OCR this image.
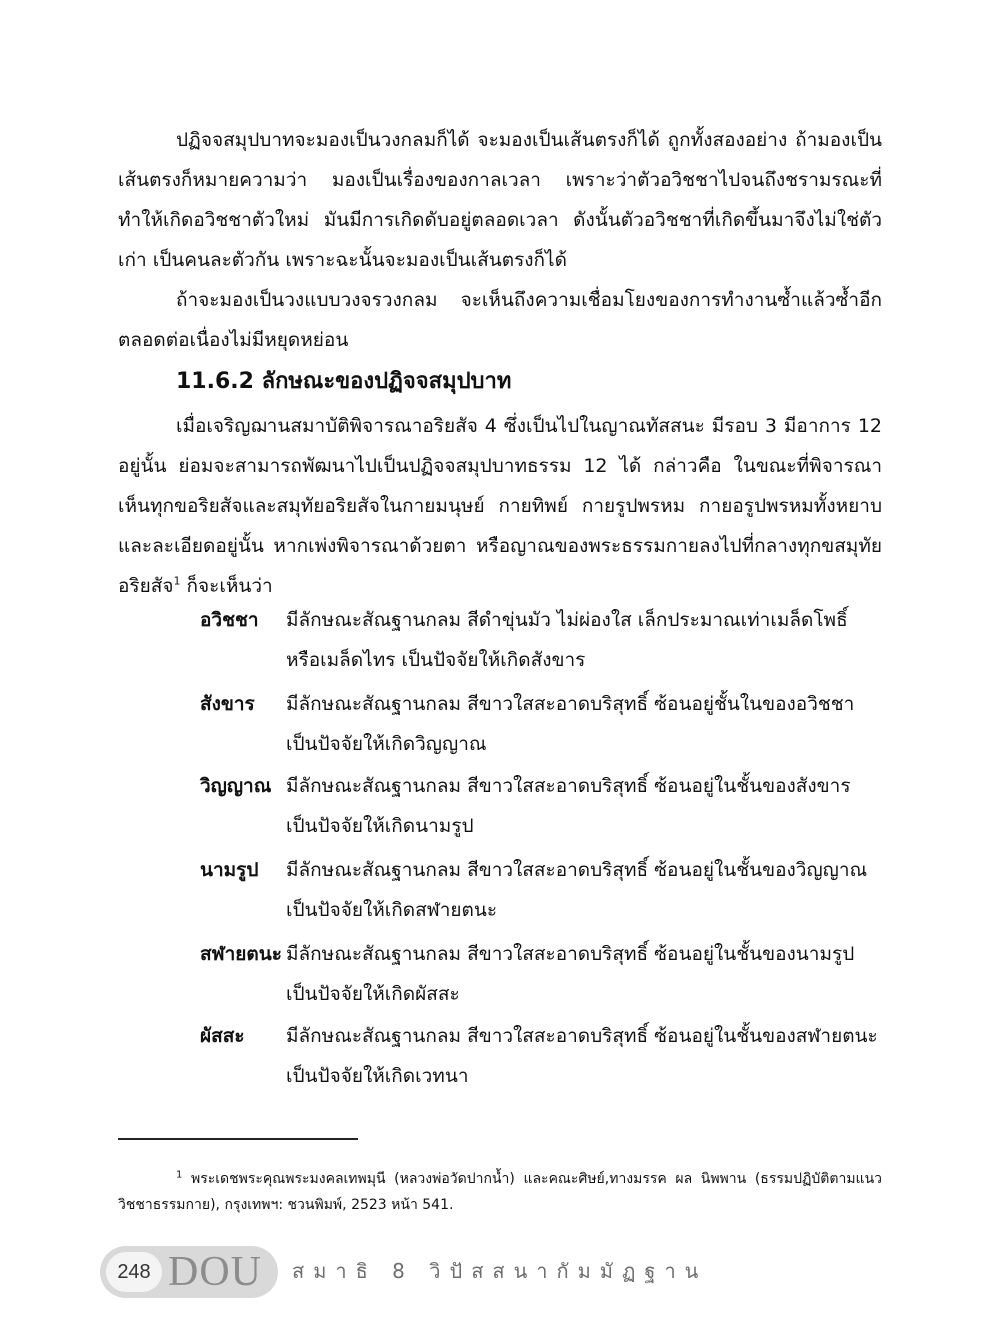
ปฏิจจสมุปบาทจะมองเป็นวงกลมก็ได้ จะมองเป็นเส้นตรงก็ได้ ถูกทั้งสองอย่าง ถ้ามองเป็นเส้นตรงก็หมายความว่า มองเป็นเรื่องของกาลเวลา เพราะว่าตัวอวิชชาไปจนถึงชรามรณะที่ทำให้เกิดอวิชชาตัวใหม่ มันมีการเกิดดับอยู่ตลอดเวลา ดังนั้นตัวอวิชชาที่เกิดขึ้นมาจึงไม่ใช่ตัวเก่า เป็นคนละตัวกัน เพราะฉะนั้นจะมองเป็นเส้นตรงก็ได้

ถ้าจะมองเป็นวงแบบวงจรวงกลม จะเห็นถึงความเชื่อมโยงของการทำงานซ้ำแล้วซ้ำอีกตลอดต่อเนื่องไม่มีหยุดหย่อน

11.6.2 ลักษณะของปฏิจจสมุปบาท

เมื่อเจริญฌานสมาบัติพิจารณาอริยสัจ 4 ซึ่งเป็นไปในญาณทัสสนะ มีรอบ 3 มีอาการ 12 อยู่นั้น ย่อมจะสามารถพัฒนาไปเป็นปฏิจจสมุปบาทธรรม 12 ได้ กล่าวคือ ในขณะที่พิจารณาเห็นทุกขอริยสัจและสมุทัยอริยสัจในกายมนุษย์ กายทิพย์ กายรูปพรหม กายอรูปพรหมทั้งหยาบและละเอียดอยู่นั้น หากเพ่งพิจารณาด้วยตา หรือญาณของพระธรรมกายลงไปที่กลางทุกขสมุทัยอริยสัจ$^1$ ก็จะเห็นว่า

อวิชชา มีลักษณะสัณฐานกลม สีดำขุ่นมัว ไม่ผ่องใส เล็กประมาณเท่าเมล็ดโพธิ์
หรือเมล็ดไทร เป็นปัจจัยให้เกิดสังขาร
สังขาร มีลักษณะสัณฐานกลม สีขาวใสสะอาดบริสุทธิ์ ซ้อนอยู่ชั้นในของอวิชชา
เป็นปัจจัยให้เกิดวิญญาณ
วิญญาณ มีลักษณะสัณฐานกลม สีขาวใสสะอาดบริสุทธิ์ ซ้อนอยู่ในชั้นของสังขาร
เป็นปัจจัยให้เกิดนามรูป
นามรูป มีลักษณะสัณฐานกลม สีขาวใสสะอาดบริสุทธิ์ ซ้อนอยู่ในชั้นของวิญญาณ
เป็นปัจจัยให้เกิดสฬายตนะ
สฬายตนะ มีลักษณะสัณฐานกลม สีขาวใสสะอาดบริสุทธิ์ ซ้อนอยู่ในชั้นของนามรูป
เป็นปัจจัยให้เกิดผัสสะ
ผัสสะ มีลักษณะสัณฐานกลม สีขาวใสสะอาดบริสุทธิ์ ซ้อนอยู่ในชั้นของสฬายตนะ
เป็นปัจจัยให้เกิดเวทนา
$^1$ พระเดชพระคุณพระมงคลเทพมุนี (หลวงพ่อวัดปากน้ำ) และคณะศิษย์,ทางมรรค ผล นิพพาน (ธรรมปฏิบัติตามแนววิชชาธรรมกาย), กรุงเทพฯ: ชวนพิมพ์, 2523 หน้า 541.
248 DOU สมาธิ 8 วิปัสสนากัมมัฏฐาน
